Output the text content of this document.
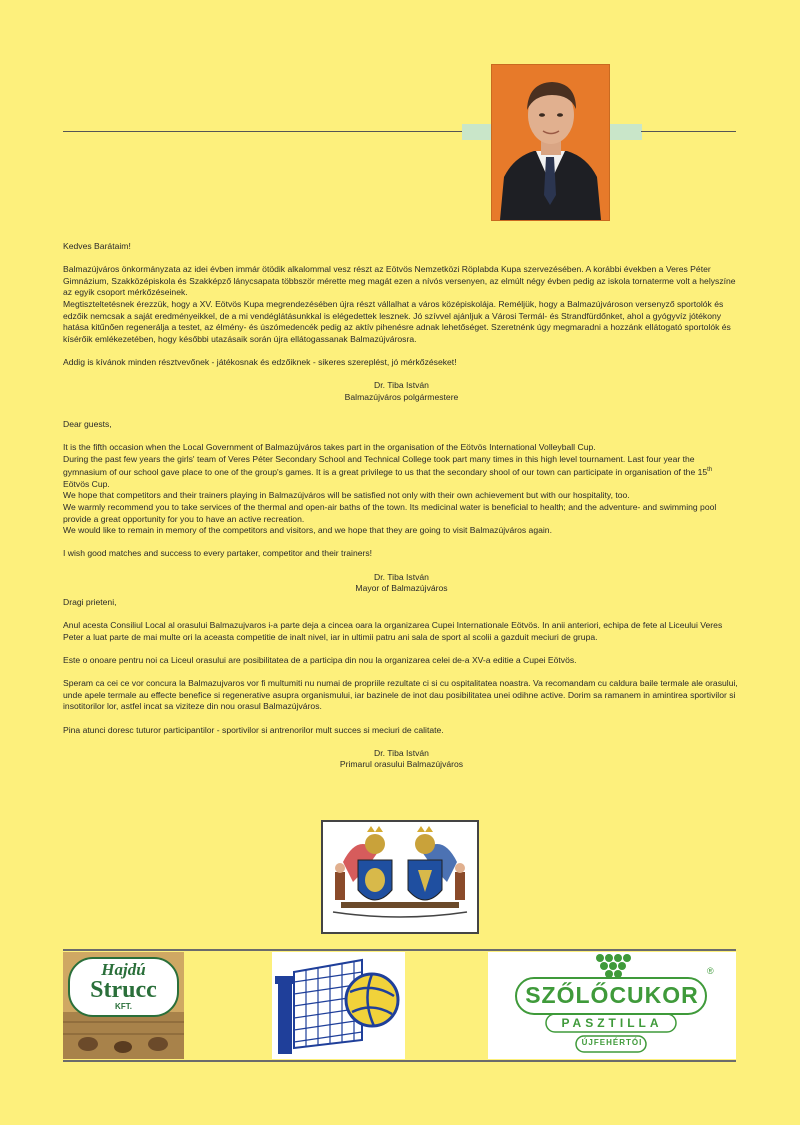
Kedves Barátaim!

Balmazújváros önkormányzata az idei évben immár ötödik alkalommal vesz részt az Eötvös Nemzetközi Röplabda Kupa szervezésében. A korábbi években a Veres Péter Gimnázium, Szakközépiskola és Szakképző lánycsapata többször mérette meg magát ezen a nívós versenyen, az elmúlt négy évben pedig az iskola tornaterme volt a helyszíne az egyik csoport mérkőzéseinek.

Megtiszteltetésnek érezzük, hogy a XV. Eötvös Kupa megrendezésében újra részt vállalhat a város középiskolája. Reméljük, hogy a Balmazújvároson versenyző sportolók és edzőik nemcsak a saját eredményeikkel, de a mi vendéglátásunkkal is elégedettek lesznek. Jó szívvel ajánljuk a Városi Termál- és Strandfürdőnket, ahol a gyógyvíz jótékony hatása kitűnően regenerálja a testet, az élmény- és úszómedencék pedig az aktív pihenésre adnak lehetőséget. Szeretnénk úgy megmaradni a hozzánk ellátogató sportolók és kísérőik emlékezetében, hogy későbbi utazásaik során újra ellátogassanak Balmazújvárosra.

Addig is kívánok minden résztvevőnek - játékosnak és edzőiknek - sikeres szereplést, jó mérkőzéseket!

Dr. Tiba István

Balmazújváros polgármestere

Dear guests,

It is the fifth occasion when the Local Government of Balmazújváros takes part in the organisation of the Eötvös International Volleyball Cup.

During the past few years the girls' team of Veres Péter Secondary School and Technical College took part many times in this high level tournament. Last four year the gymnasium of our school gave place to one of the group's games. It is a great privilege to us that the secondary shool of our town can participate in organisation of the 15th Eötvös Cup.

We hope that competitors and their trainers playing in Balmazújváros will be satisfied not only with their own achievement but with our hospitality, too.

We warmly recommend you to take services of the thermal and open-air baths of the town. Its medicinal water is beneficial to health; and the adventure- and swimming pool provide a great opportunity for you to have an active recreation.

We would like to remain in memory of the competitors and visitors, and we hope that they are going to visit Balmazújváros again.

I wish good matches and success to every partaker, competitor and their trainers!

Dr. Tiba István

Mayor of Balmazújváros

Dragi prieteni,

Anul acesta Consiliul Local al orasului Balmazujvaros i-a parte deja a cincea oara la organizarea Cupei Internationale Eötvös. In anii anteriori, echipa de fete al Liceului Veres Peter a luat parte de mai multe ori la aceasta competitie de inalt nivel, iar in ultimii patru ani sala de sport al scolii a gazduit meciuri de grupa.

Este o onoare pentru noi ca Liceul orasului are posibilitatea de a participa din nou la organizarea celei de-a XV-a editie a Cupei Eötvös.

Speram ca cei ce vor concura la Balmazujvaros vor fi multumiti nu numai de propriile rezultate ci si cu ospitalitatea noastra. Va recomandam cu caldura baile termale ale orasului, unde apele termale au effecte benefice si regenerative asupra organismului, iar bazinele de inot dau posibilitatea unei odihne active. Dorim sa ramanem in amintirea sportivilor si insotitorilor lor, astfel incat sa viziteze din nou orasul Balmazújváros.

Pina atunci doresc tuturor participantilor - sportivilor si antrenorilor mult succes si meciuri de calitate.

Dr. Tiba István

Primarul orasului Balmazújváros

Hajdú
Strucc
KFT.	SZŐLŐCUKOR
PASZTILLA
ÚJFEHÉRTÓI
®
